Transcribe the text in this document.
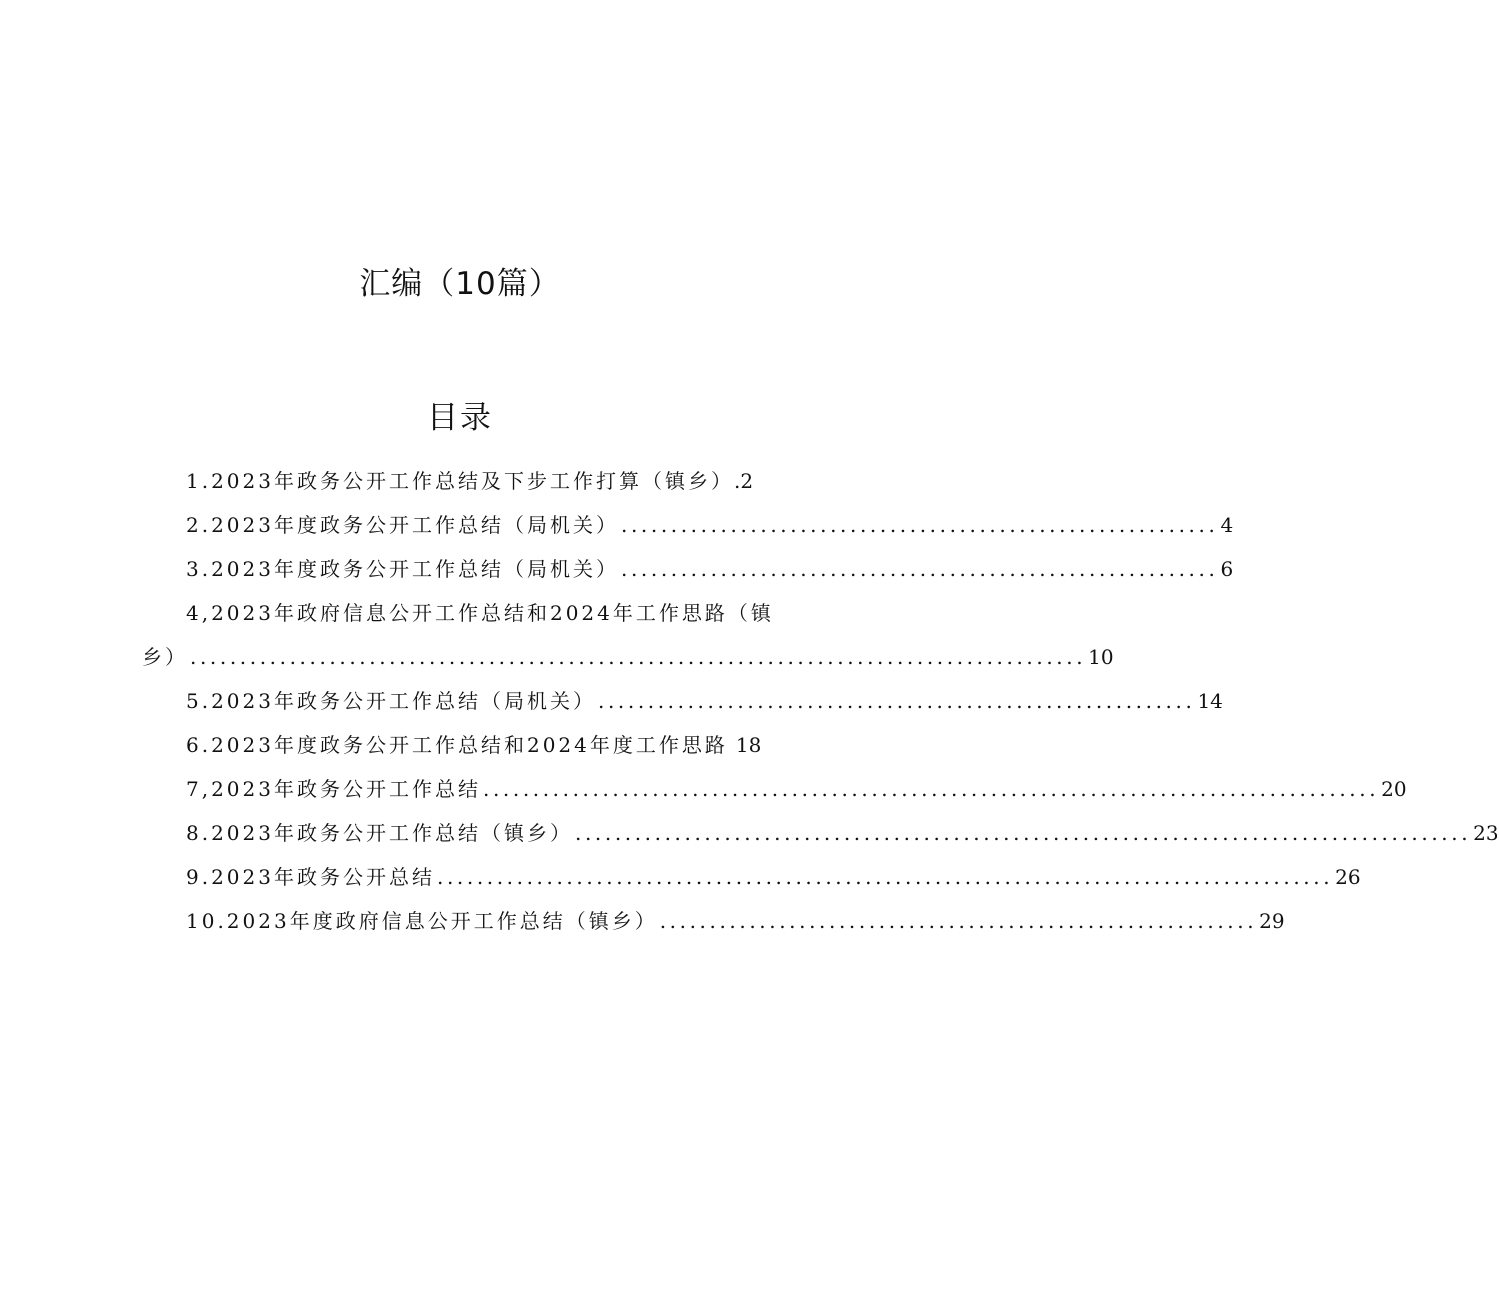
汇编（10篇）
目录
1.2023年政务公开工作总结及下步工作打算（镇乡） .2
2.2023年度政务公开工作总结（局机关） ............................................................ 4
3.2023年度政务公开工作总结（局机关） ............................................................ 6
4,2023年政府信息公开工作总结和2024年工作思路（镇
乡） .......................................................................................... 10
5.2023年政务公开工作总结（局机关） ............................................................ 14
6.2023年度政务公开工作总结和2024年度工作思路 18
7,2023年政务公开工作总结 .......................................................................................... 20
8.2023年政务公开工作总结（镇乡） .......................................................................................... 23
9.2023年政务公开总结 .......................................................................................... 26
10.2023年度政府信息公开工作总结（镇乡） ............................................................ 29
